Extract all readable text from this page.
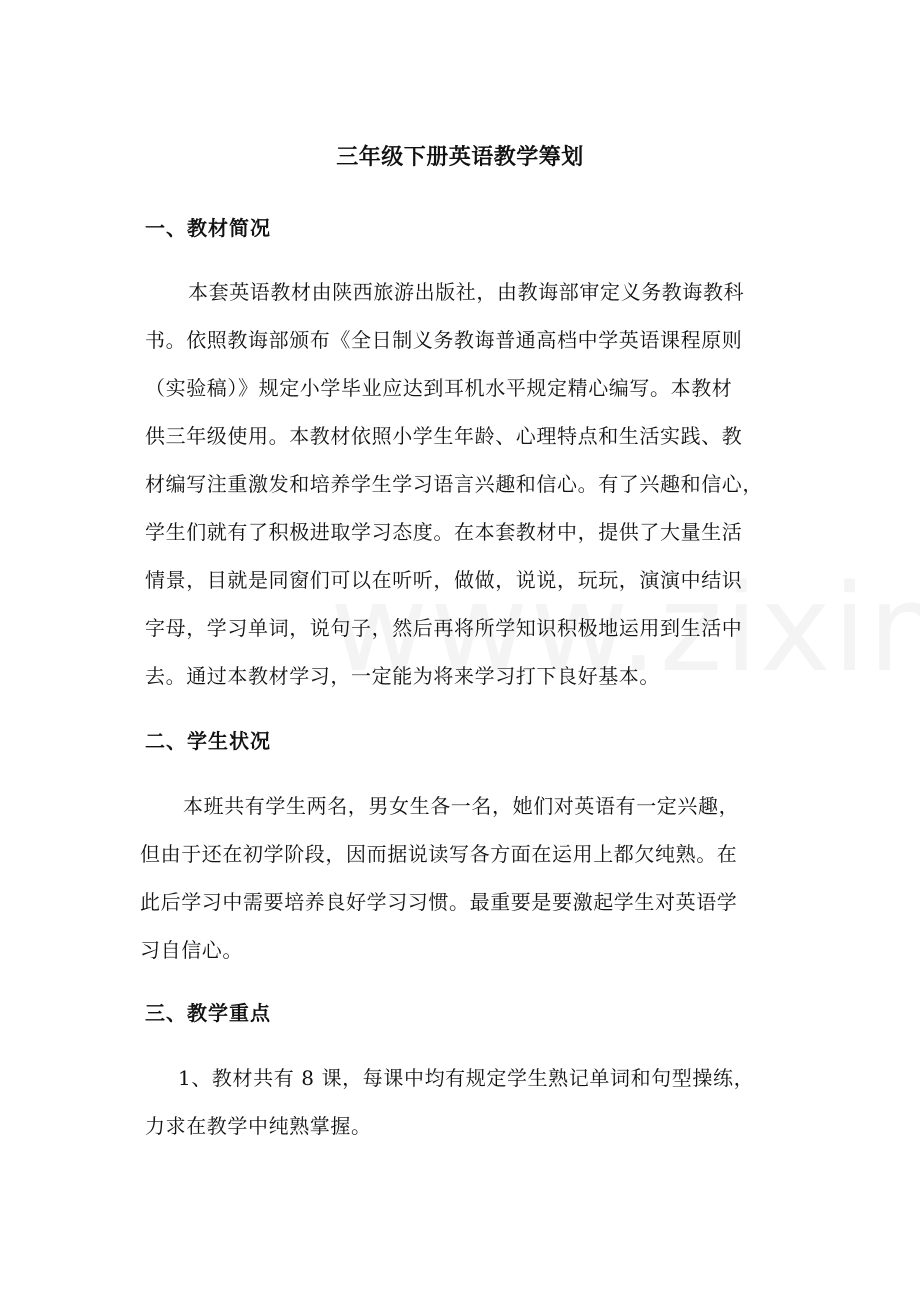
三年级下册英语教学筹划
一、教材简况
本套英语教材由陕西旅游出版社，由教诲部审定义务教诲教科
书。依照教诲部颁布《全日制义务教诲普通高档中学英语课程原则
（实验稿）》规定小学毕业应达到耳机水平规定精心编写。本教材
供三年级使用。本教材依照小学生年龄、心理特点和生活实践、教
材编写注重激发和培养学生学习语言兴趣和信心。有了兴趣和信心，
学生们就有了积极进取学习态度。在本套教材中，提供了大量生活
情景，目就是同窗们可以在听听，做做，说说，玩玩，演演中结识
字母，学习单词，说句子，然后再将所学知识积极地运用到生活中
去。通过本教材学习，一定能为将来学习打下良好基本。
二、学生状况
本班共有学生两名，男女生各一名，她们对英语有一定兴趣，
但由于还在初学阶段，因而据说读写各方面在运用上都欠纯熟。在
此后学习中需要培养良好学习习惯。最重要是要激起学生对英语学
习自信心。
三、教学重点
1、教材共有 8 课，每课中均有规定学生熟记单词和句型操练，
力求在教学中纯熟掌握。
